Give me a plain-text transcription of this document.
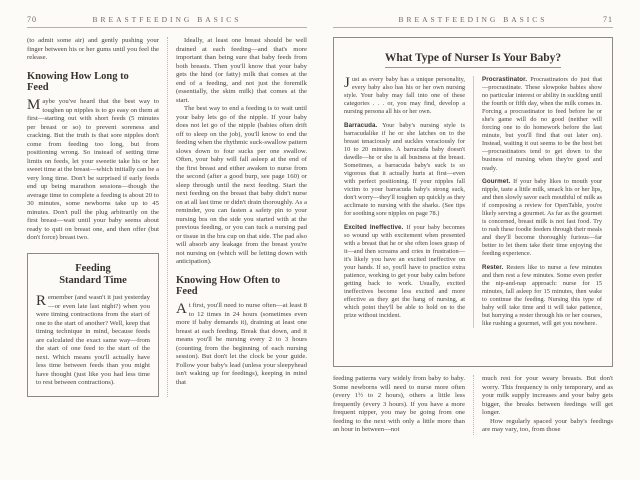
70	BREASTFEEDING BASICS

(to admit some air) and gently pushing your finger between his or her gums until you feel the release.

Knowing How Long to Feed

Maybe you've heard that the best way to toughen up nipples is to go easy on them at first—starting out with short feeds (5 minutes per breast or so) to prevent soreness and cracking. But the truth is that sore nipples don't come from feeding too long, but from positioning wrong. So instead of setting time limits on feeds, let your sweetie take his or her sweet time at the breast—which initially can be a very long time. Don't be surprised if early feeds end up being marathon sessions—though the average time to complete a feeding is about 20 to 30 minutes, some newborns take up to 45 minutes. Don't pull the plug arbitrarily on the first breast—wait until your baby seems about ready to quit on breast one, and then offer (but don't force) breast two.

Feeding Standard Time

Remember (and wasn't it just yesterday—or even late last night?) when you were timing contractions from the start of one to the start of another? Well, keep that timing technique in mind, because feeds are calculated the exact same way—from the start of one feed to the start of the next. Which means you'll actually have less time between feeds than you might have thought (just like you had less time to rest between contractions).

Ideally, at least one breast should be well drained at each feeding—and that's more important than being sure that baby feeds from both breasts. Then you'll know that your baby gets the hind (or fatty) milk that comes at the end of a feeding, and not just the foremilk (essentially, the skim milk) that comes at the start.

The best way to end a feeding is to wait until your baby lets go of the nipple. If your baby does not let go of the nipple (babies often drift off to sleep on the job), you'll know to end the feeding when the rhythmic suck-swallow pattern slows down to four sucks per one swallow. Often, your baby will fall asleep at the end of the first breast and either awaken to nurse from the second (after a good burp, see page 160) or sleep through until the next feeding. Start the next feeding on the breast that baby didn't nurse on at all last time or didn't drain thoroughly. As a reminder, you can fasten a safety pin to your nursing bra on the side you started with at the previous feeding, or you can tuck a nursing pad or tissue in the bra cup on that side. The pad also will absorb any leakage from the breast you're not nursing on (which will be letting down with anticipation).

Knowing How Often to Feed

At first, you'll need to nurse often—at least 8 to 12 times in 24 hours (sometimes even more if baby demands it), draining at least one breast at each feeding. Break that down, and it means you'll be nursing every 2 to 3 hours (counting from the beginning of each nursing session). But don't let the clock be your guide. Follow your baby's lead (unless your sleepyhead isn't waking up for feedings), keeping in mind that

BREASTFEEDING BASICS	71
What Type of Nurser Is Your Baby?

Just as every baby has a unique personality, every baby also has his or her own nursing style. Your baby may fall into one of these categories . . . or, you may find, develop a nursing persona all his or her own.

Barracuda. Your baby's nursing style is barracudalike if he or she latches on to the breast tenaciously and suckles voraciously for 10 to 20 minutes. A barracuda baby doesn't dawdle—he or she is all business at the breast. Sometimes, a barracuda baby's suck is so vigorous that it actually hurts at first—even with perfect positioning. If your nipples fall victim to your barracuda baby's strong suck, don't worry—they'll toughen up quickly as they acclimate to nursing with the sharks. (See tips for soothing sore nipples on page 78.)

Excited Ineffective. If your baby becomes so wound up with excitement when presented with a breast that he or she often loses grasp of it—and then screams and cries in frustration—it's likely you have an excited ineffective on your hands. If so, you'll have to practice extra patience, working to get your baby calm before getting back to work. Usually, excited ineffectives become less excited and more effective as they get the hang of nursing, at which point they'll be able to hold on to the prize without incident.

Procrastinator. Procrastinators do just that—procrastinate. These slowpoke babies show no particular interest or ability in suckling until the fourth or fifth day, when the milk comes in. Forcing a procrastinator to feed before he or she's game will do no good (neither will forcing one to do homework before the last minute, but you'll find that out later on). Instead, waiting it out seems to be the best bet—procrastinators tend to get down to the business of nursing when they're good and ready.

Gourmet. If your baby likes to mouth your nipple, taste a little milk, smack his or her lips, and then slowly savor each mouthful of milk as if composing a review for OpenTable, you're likely serving a gourmet. As far as the gourmet is concerned, breast milk is not fast food. Try to rush these foodie feeders through their meals and they'll become thoroughly furious—far better to let them take their time enjoying the feeding experience.

Rester. Resters like to nurse a few minutes and then rest a few minutes. Some even prefer the nip-and-nap approach: nurse for 15 minutes, fall asleep for 15 minutes, then wake to continue the feeding. Nursing this type of baby will take time and it will take patience, but hurrying a rester through his or her courses, like rushing a gourmet, will get you nowhere.

feeding patterns vary widely from baby to baby. Some newborns will need to nurse more often (every 1½ to 2 hours), others a little less frequently (every 3 hours). If you have a more frequent nipper, you may be going from one feeding to the next with only a little more than an hour in between—not

much rest for your weary breasts. But don't worry. This frequency is only temporary, and as your milk supply increases and your baby gets bigger, the breaks between feedings will get longer.

How regularly spaced your baby's feedings are may vary, too, from those
